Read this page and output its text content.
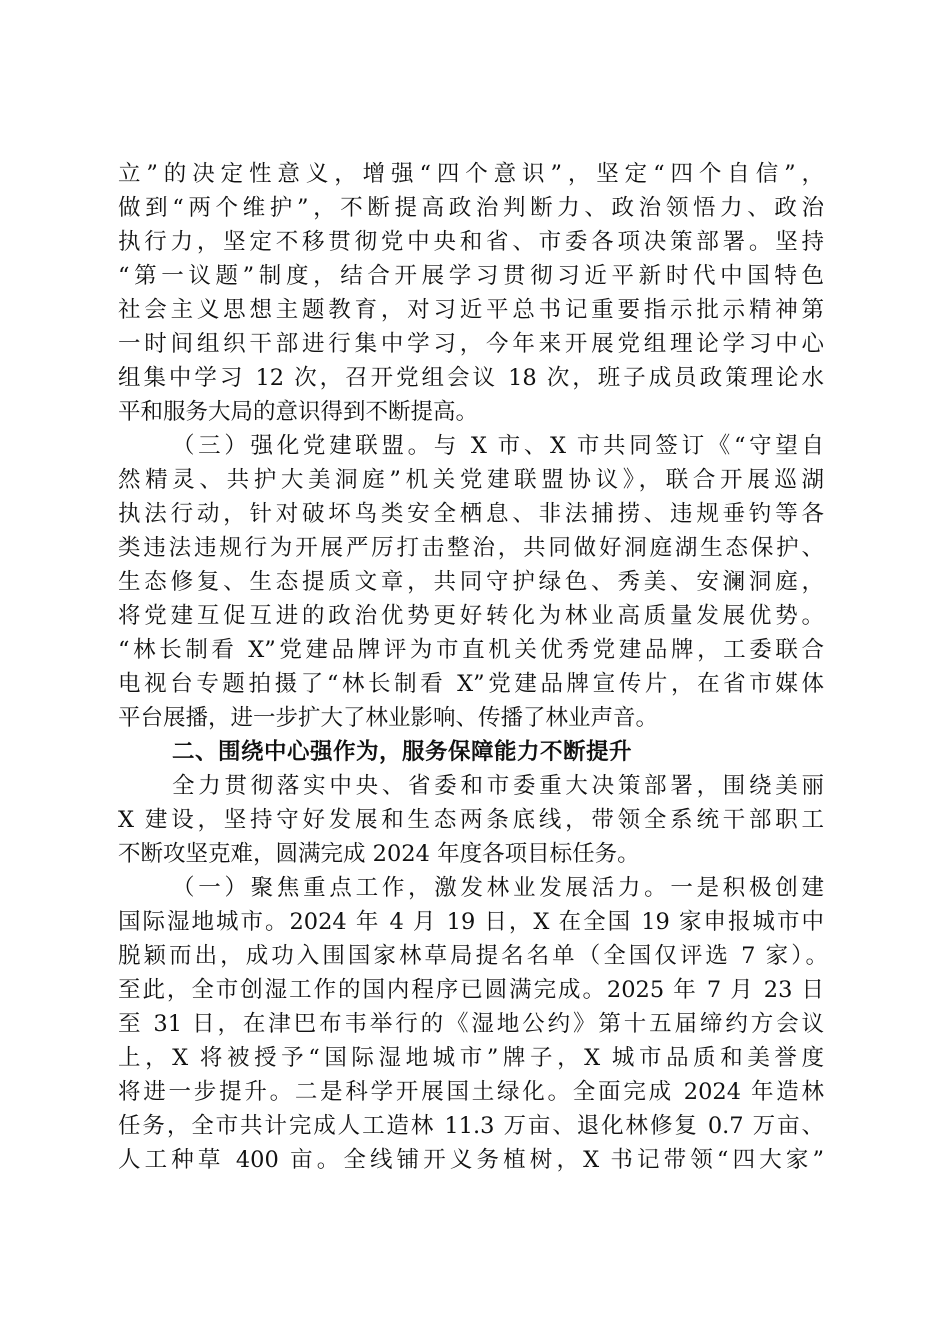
立”的决定性意义，增强“四个意识”，坚定“四个自信”，
做到“两个维护”，不断提高政治判断力、政治领悟力、政治
执行力，坚定不移贯彻党中央和省、市委各项决策部署。坚持
“第一议题”制度，结合开展学习贯彻习近平新时代中国特色
社会主义思想主题教育，对习近平总书记重要指示批示精神第
一时间组织干部进行集中学习，今年来开展党组理论学习中心
组集中学习 12 次，召开党组会议 18 次，班子成员政策理论水
平和服务大局的意识得到不断提高。
（三）强化党建联盟。与 X 市、X 市共同签订《“守望自
然精灵、共护大美洞庭”机关党建联盟协议》，联合开展巡湖
执法行动，针对破坏鸟类安全栖息、非法捕捞、违规垂钓等各
类违法违规行为开展严厉打击整治，共同做好洞庭湖生态保护、
生态修复、生态提质文章，共同守护绿色、秀美、安澜洞庭，
将党建互促互进的政治优势更好转化为林业高质量发展优势。
“林长制看 X”党建品牌评为市直机关优秀党建品牌，工委联合
电视台专题拍摄了“林长制看 X”党建品牌宣传片，在省市媒体
平台展播，进一步扩大了林业影响、传播了林业声音。
二、围绕中心强作为，服务保障能力不断提升
全力贯彻落实中央、省委和市委重大决策部署，围绕美丽
X 建设，坚持守好发展和生态两条底线，带领全系统干部职工
不断攻坚克难，圆满完成 2024 年度各项目标任务。
（一）聚焦重点工作，激发林业发展活力。一是积极创建
国际湿地城市。2024 年 4 月 19 日，X 在全国 19 家申报城市中
脱颖而出，成功入围国家林草局提名名单（全国仅评选 7 家）。
至此，全市创湿工作的国内程序已圆满完成。2025 年 7 月 23 日
至 31 日，在津巴布韦举行的《湿地公约》第十五届缔约方会议
上，X 将被授予“国际湿地城市”牌子，X 城市品质和美誉度
将进一步提升。二是科学开展国土绿化。全面完成 2024 年造林
任务，全市共计完成人工造林 11.3 万亩、退化林修复 0.7 万亩、
人工种草 400 亩。全线铺开义务植树，X 书记带领“四大家”
